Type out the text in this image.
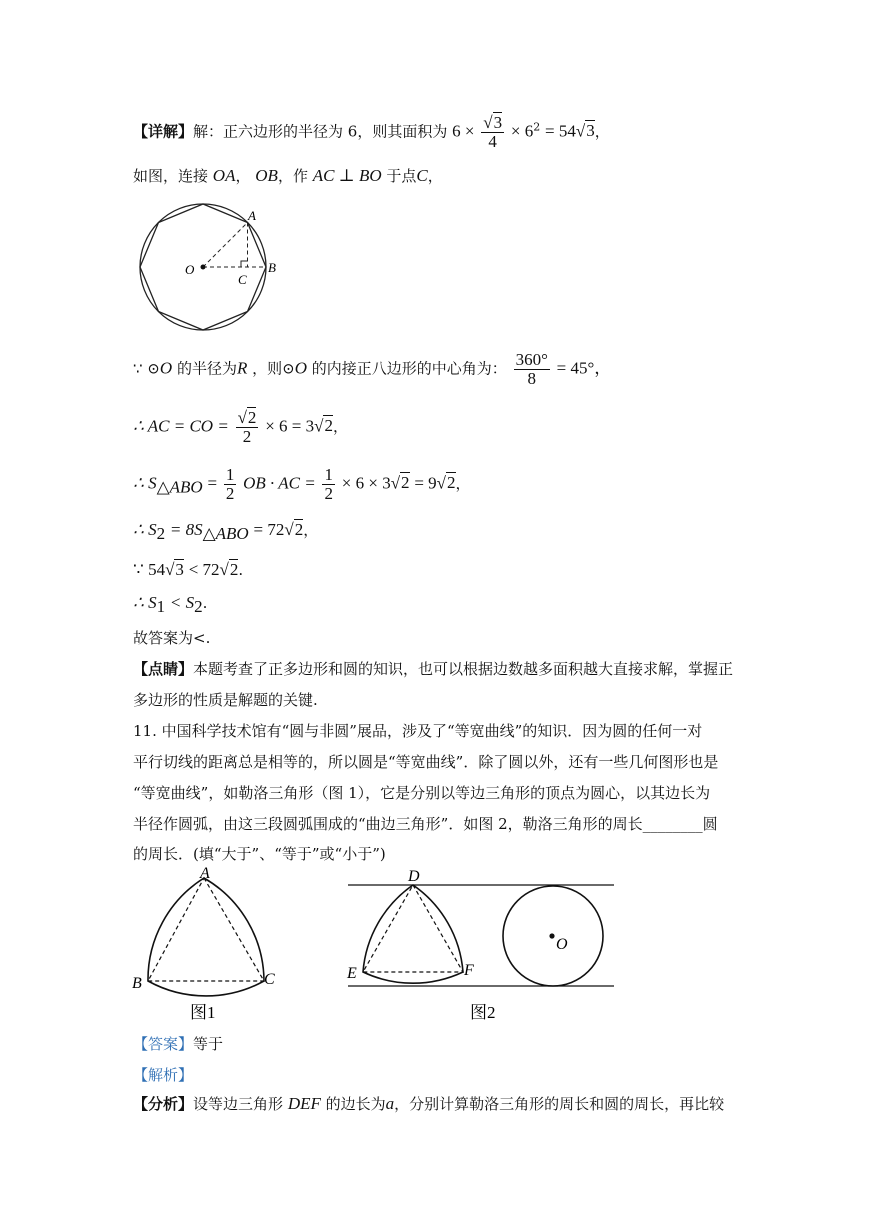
【详解】解：正六边形的半径为 6，则其面积为 $6 \times \frac{√3}{4} \times 6^2 = 54√3$，
如图，连接 OA， OB，作 AC ⊥ BO 于点C，
A
B
O
C
∵ ⊙O 的半径为R ，则⊙O 的内接正八边形的中心角为： $\frac{360^\circ}{8} = 45^\circ$，
∴ AC = CO = $\frac{√2}{2} \times 6 = 3√2$，
∴ $S_{\triangle ABO} = \frac{1}{2}$ OB · AC = $\frac{1}{2} \times 6 \times 3√2 = 9√2$，
∴ $S_2 = 8S_{\triangle ABO} = 72√2$，
∵ 54√3 < 72√2.
∴ $S_1 < S_2$.
故答案为<.
【点睛】本题考查了正多边形和圆的知识，也可以根据边数越多面积越大直接求解，掌握正
多边形的性质是解题的关键.
11. 中国科学技术馆有“圆与非圆”展品，涉及了“等宽曲线”的知识．因为圆的任何一对
平行切线的距离总是相等的，所以圆是“等宽曲线”．除了圆以外，还有一些几何图形也是
“等宽曲线”，如勒洛三角形（图 1），它是分别以等边三角形的顶点为圆心，以其边长为
半径作圆弧，由这三段圆弧围成的“曲边三角形”．如图 2，勒洛三角形的周长________圆
的周长．(填“大于”、“等于”或“小于”)
A
B	C
图1
D
E	F
O
图2
【答案】等于
【解析】
【分析】设等边三角形 DEF 的边长为a，分别计算勒洛三角形的周长和圆的周长，再比较
